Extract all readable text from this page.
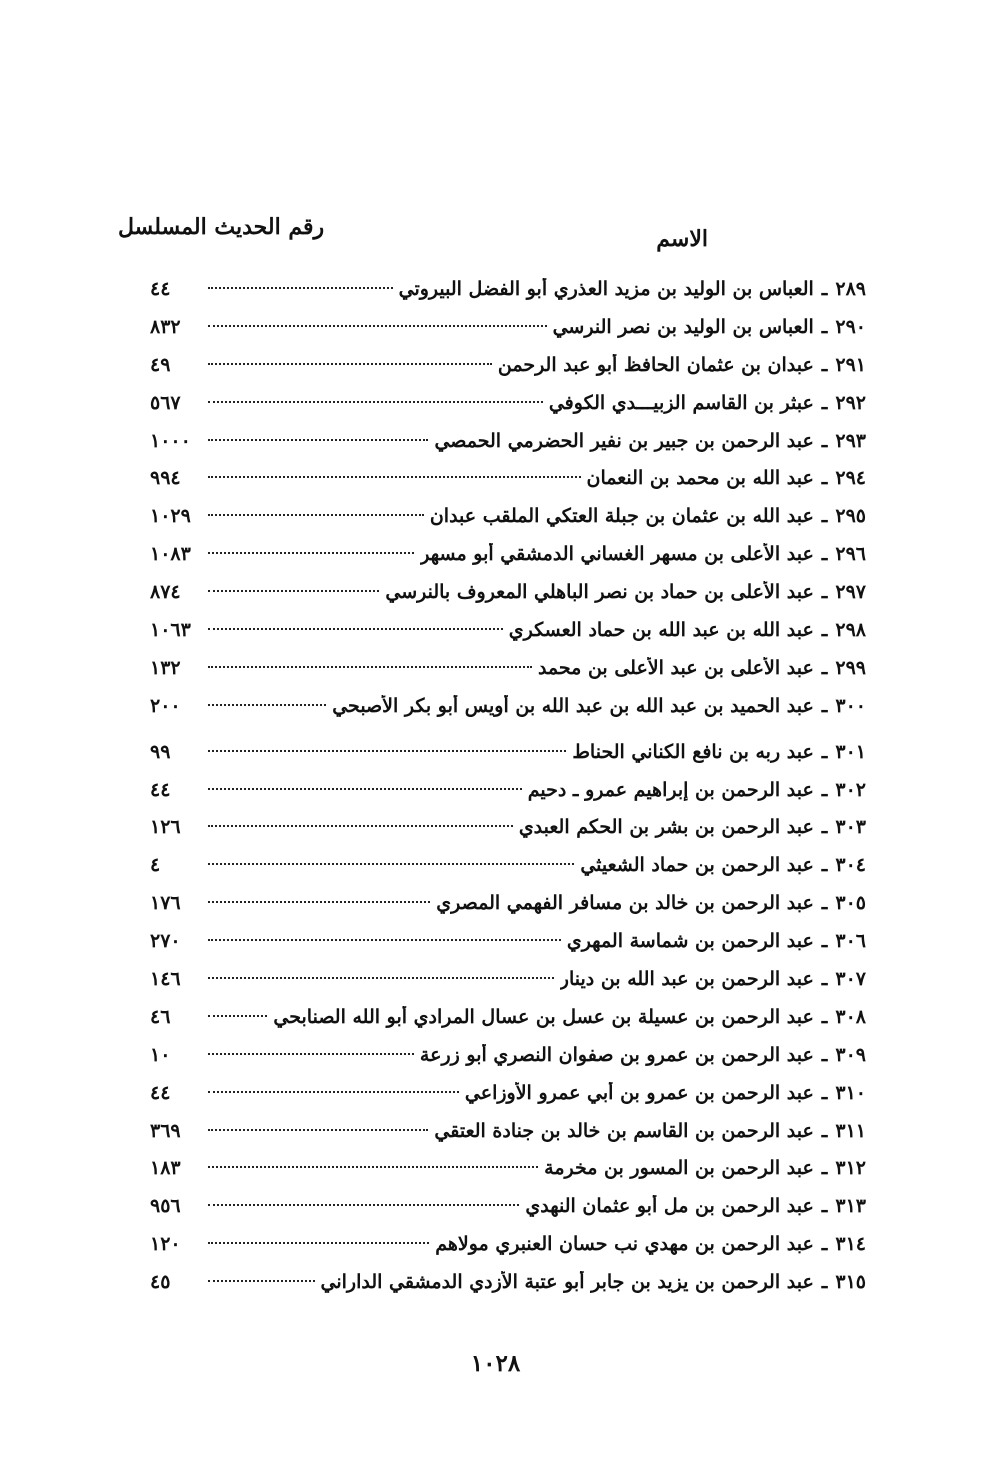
الاسم
رقم الحديث المسلسل
٢٨٩
ـ
العباس بن الوليد بن مزيد العذري أبو الفضل البيروتي
٤٤
٢٩٠
ـ
العباس بن الوليد بن نصر النرسي
٨٣٢
٢٩١
ـ
عبدان بن عثمان الحافظ أبو عبد الرحمن
٤٩
٢٩٢
ـ
عبثر بن القاسم الزبيـــدي الكوفي
٥٦٧
٢٩٣
ـ
عبد الرحمن بن جبير بن نفير الحضرمي الحمصي
١٠٠٠
٢٩٤
ـ
عبد الله بن محمد بن النعمان
٩٩٤
٢٩٥
ـ
عبد الله بن عثمان بن جبلة العتكي الملقب عبدان
١٠٢٩
٢٩٦
ـ
عبد الأعلى بن مسهر الغساني الدمشقي أبو مسهر
١٠٨٣
٢٩٧
ـ
عبد الأعلى بن حماد بن نصر الباهلي المعروف بالنرسي
٨٧٤
٢٩٨
ـ
عبد الله بن عبد الله بن حماد العسكري
١٠٦٣
٢٩٩
ـ
عبد الأعلى بن عبد الأعلى بن محمد
١٣٢
٣٠٠
ـ
عبد الحميد بن عبد الله بن عبد الله بن أويس أبو بكر الأصبحي
٢٠٠
٣٠١
ـ
عبد ربه بن نافع الكناني الحناط
٩٩
٣٠٢
ـ
عبد الرحمن بن إبراهيم عمرو ـ دحيم
٤٤
٣٠٣
ـ
عبد الرحمن بن بشر بن الحكم العبدي
١٢٦
٣٠٤
ـ
عبد الرحمن بن حماد الشعيثي
٤
٣٠٥
ـ
عبد الرحمن بن خالد بن مسافر الفهمي المصري
١٧٦
٣٠٦
ـ
عبد الرحمن بن شماسة المهري
٢٧٠
٣٠٧
ـ
عبد الرحمن بن عبد الله بن دينار
١٤٦
٣٠٨
ـ
عبد الرحمن بن عسيلة بن عسل بن عسال المرادي أبو الله الصنابحي
٤٦
٣٠٩
ـ
عبد الرحمن بن عمرو بن صفوان النصري أبو زرعة
١٠
٣١٠
ـ
عبد الرحمن بن عمرو بن أبي عمرو الأوزاعي
٤٤
٣١١
ـ
عبد الرحمن بن القاسم بن خالد بن جنادة العتقي
٣٦٩
٣١٢
ـ
عبد الرحمن بن المسور بن مخرمة
١٨٣
٣١٣
ـ
عبد الرحمن بن مل أبو عثمان النهدي
٩٥٦
٣١٤
ـ
عبد الرحمن بن مهدي نب حسان العنبري مولاهم
١٢٠
٣١٥
ـ
عبد الرحمن بن يزيد بن جابر أبو عتبة الأزدي الدمشقي الداراني
٤٥
١٠٢٨
